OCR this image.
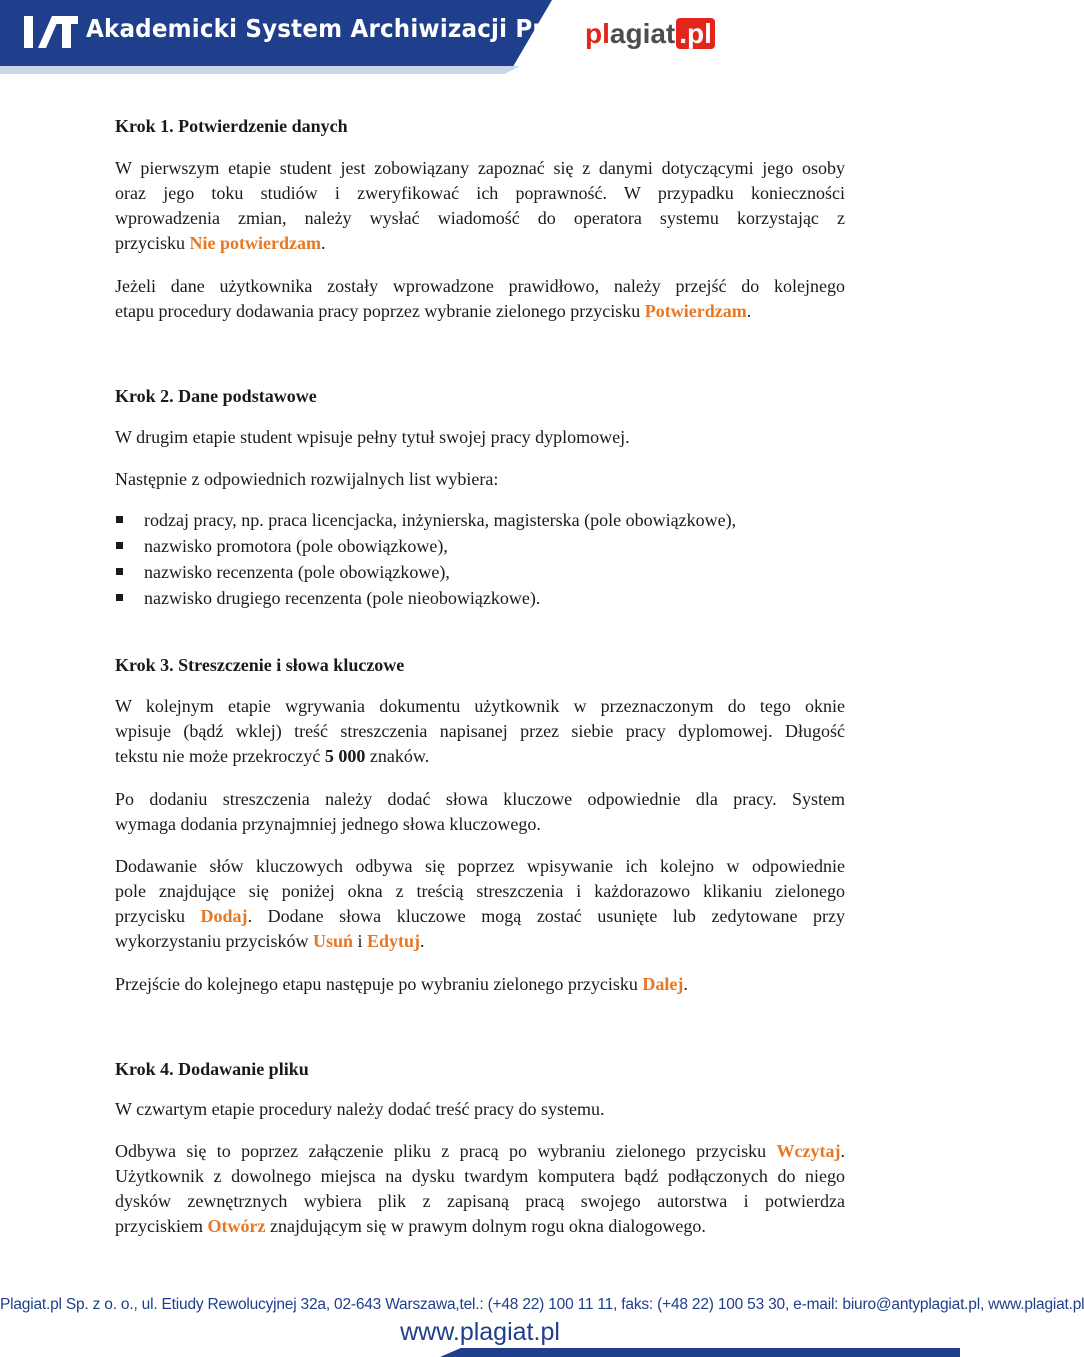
Akademicki System Archiwizacji Prac plagiat .pl
Krok 1. Potwierdzenie danych
W pierwszym etapie student jest zobowiązany zapoznać się z danymi dotyczącymi jego osoby
oraz jego toku studiów i zweryfikować ich poprawność. W przypadku konieczności
wprowadzenia zmian, należy wysłać wiadomość do operatora systemu korzystając z
przycisku Nie potwierdzam.
Jeżeli dane użytkownika zostały wprowadzone prawidłowo, należy przejść do kolejnego
etapu procedury dodawania pracy poprzez wybranie zielonego przycisku Potwierdzam.
Krok 2. Dane podstawowe
W drugim etapie student wpisuje pełny tytuł swojej pracy dyplomowej.
Następnie z odpowiednich rozwijalnych list wybiera:
rodzaj pracy, np. praca licencjacka, inżynierska, magisterska (pole obowiązkowe),
nazwisko promotora (pole obowiązkowe),
nazwisko recenzenta (pole obowiązkowe),
nazwisko drugiego recenzenta (pole nieobowiązkowe).
Krok 3. Streszczenie i słowa kluczowe
W kolejnym etapie wgrywania dokumentu użytkownik w przeznaczonym do tego oknie
wpisuje (bądź wklej) treść streszczenia napisanej przez siebie pracy dyplomowej. Długość
tekstu nie może przekroczyć 5 000 znaków.
Po dodaniu streszczenia należy dodać słowa kluczowe odpowiednie dla pracy. System
wymaga dodania przynajmniej jednego słowa kluczowego.
Dodawanie słów kluczowych odbywa się poprzez wpisywanie ich kolejno w odpowiednie
pole znajdujące się poniżej okna z treścią streszczenia i każdorazowo klikaniu zielonego
przycisku Dodaj. Dodane słowa kluczowe mogą zostać usunięte lub zedytowane przy
wykorzystaniu przycisków Usuń i Edytuj.
Przejście do kolejnego etapu następuje po wybraniu zielonego przycisku Dalej.
Krok 4. Dodawanie pliku
W czwartym etapie procedury należy dodać treść pracy do systemu.
Odbywa się to poprzez załączenie pliku z pracą po wybraniu zielonego przycisku Wczytaj.
Użytkownik z dowolnego miejsca na dysku twardym komputera bądź podłączonych do niego
dysków zewnętrznych wybiera plik z zapisaną pracą swojego autorstwa i potwierdza
przyciskiem Otwórz znajdującym się w prawym dolnym rogu okna dialogowego.
Plagiat.pl Sp. z o. o., ul. Etiudy Rewolucyjnej 32a, 02-643 Warszawa,tel.: (+48 22) 100 11 11, faks: (+48 22) 100 53 30, e-mail: biuro@antyplagiat.pl, www.plagiat.pl
www.plagiat.pl
